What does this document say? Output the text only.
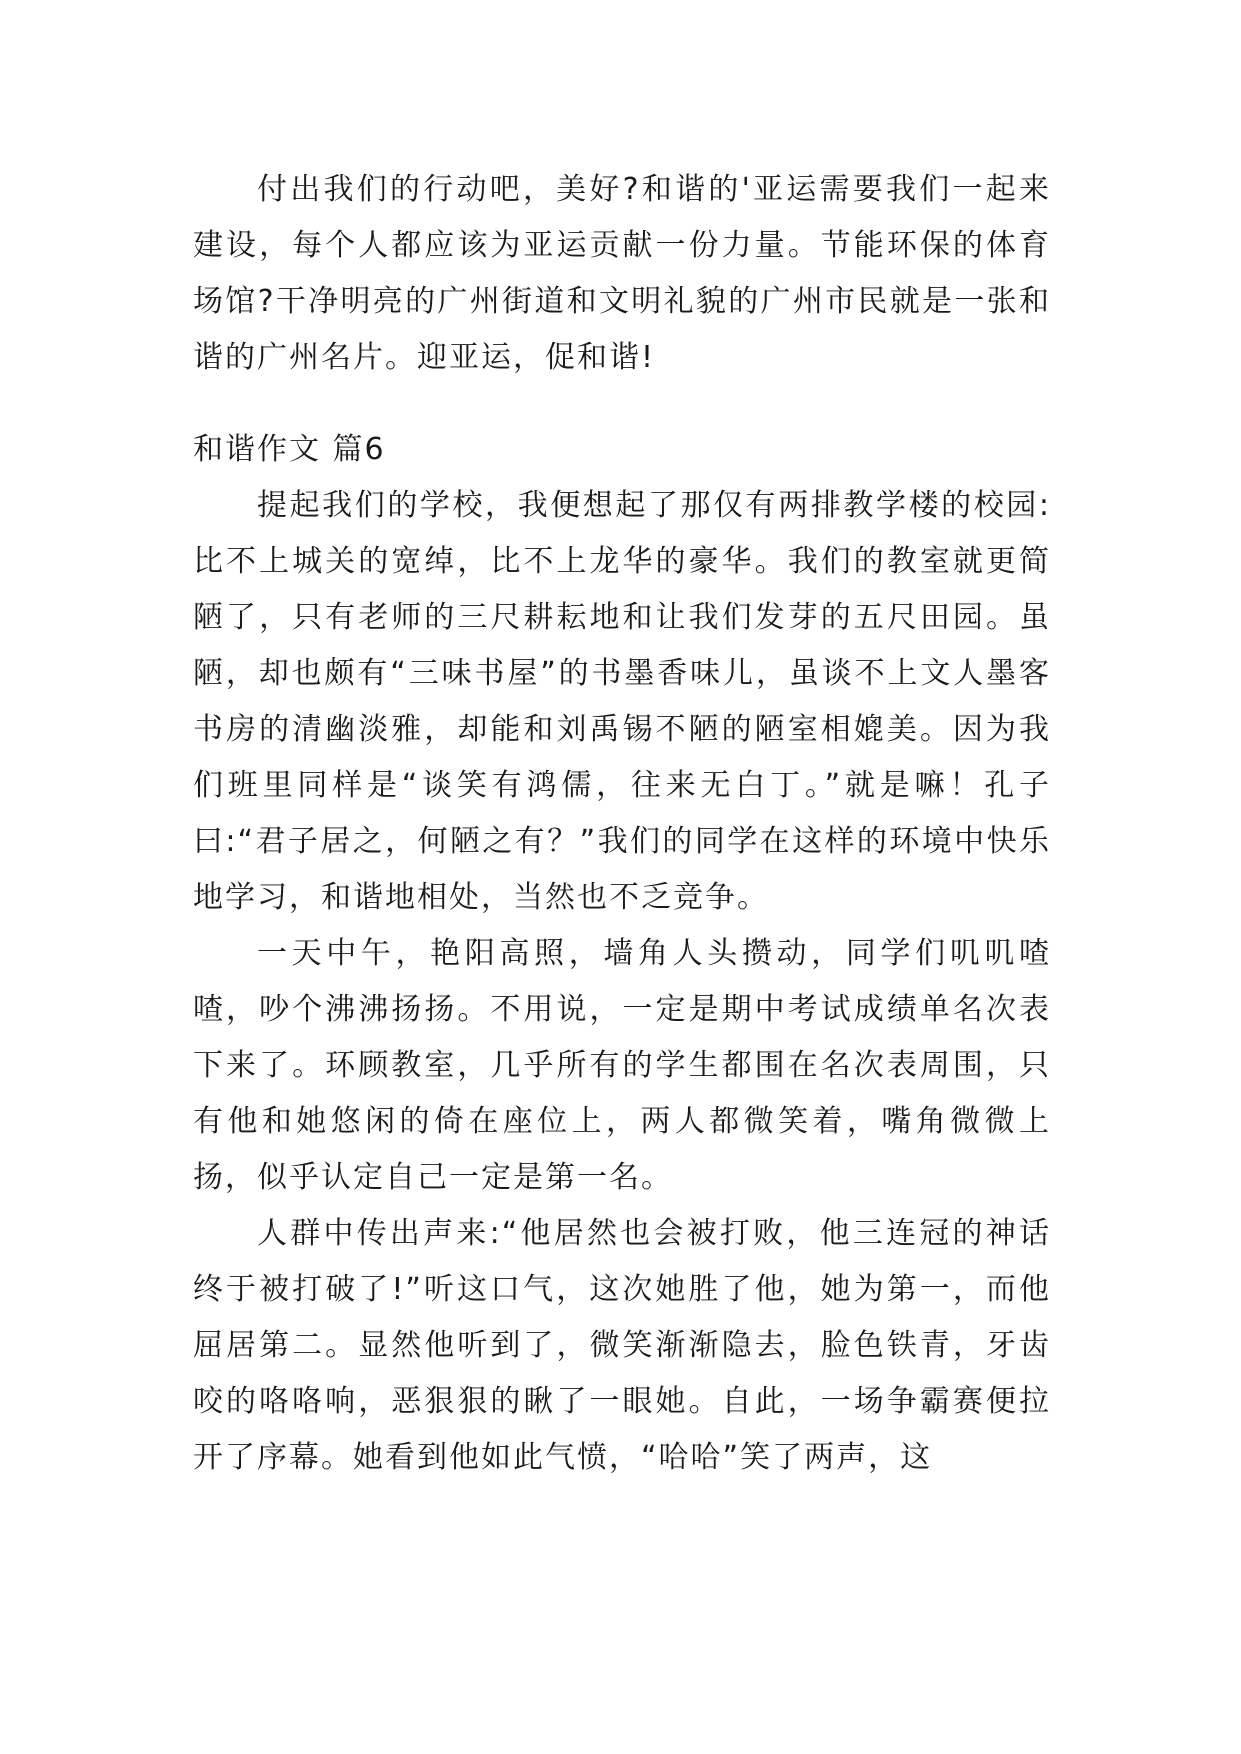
付出我们的行动吧，美好?和谐的'亚运需要我们一起来建设，每个人都应该为亚运贡献一份力量。节能环保的体育场馆?干净明亮的广州街道和文明礼貌的广州市民就是一张和谐的广州名片。迎亚运，促和谐!

和谐作文 篇6

提起我们的学校，我便想起了那仅有两排教学楼的校园:比不上城关的宽绰，比不上龙华的豪华。我们的教室就更简陋了，只有老师的三尺耕耘地和让我们发芽的五尺田园。虽陋，却也颇有“三味书屋”的书墨香味儿，虽谈不上文人墨客书房的清幽淡雅，却能和刘禹锡不陋的陋室相媲美。因为我们班里同样是“谈笑有鸿儒，往来无白丁。”就是嘛！孔子曰:“君子居之，何陋之有？”我们的同学在这样的环境中快乐地学习，和谐地相处，当然也不乏竞争。

一天中午，艳阳高照，墙角人头攒动，同学们叽叽喳喳，吵个沸沸扬扬。不用说，一定是期中考试成绩单名次表下来了。环顾教室，几乎所有的学生都围在名次表周围，只有他和她悠闲的倚在座位上，两人都微笑着，嘴角微微上扬，似乎认定自己一定是第一名。

人群中传出声来:“他居然也会被打败，他三连冠的神话终于被打破了!”听这口气，这次她胜了他，她为第一，而他屈居第二。显然他听到了，微笑渐渐隐去，脸色铁青，牙齿咬的咯咯响，恶狠狠的瞅了一眼她。自此，一场争霸赛便拉开了序幕。她看到他如此气愤，“哈哈”笑了两声，这
